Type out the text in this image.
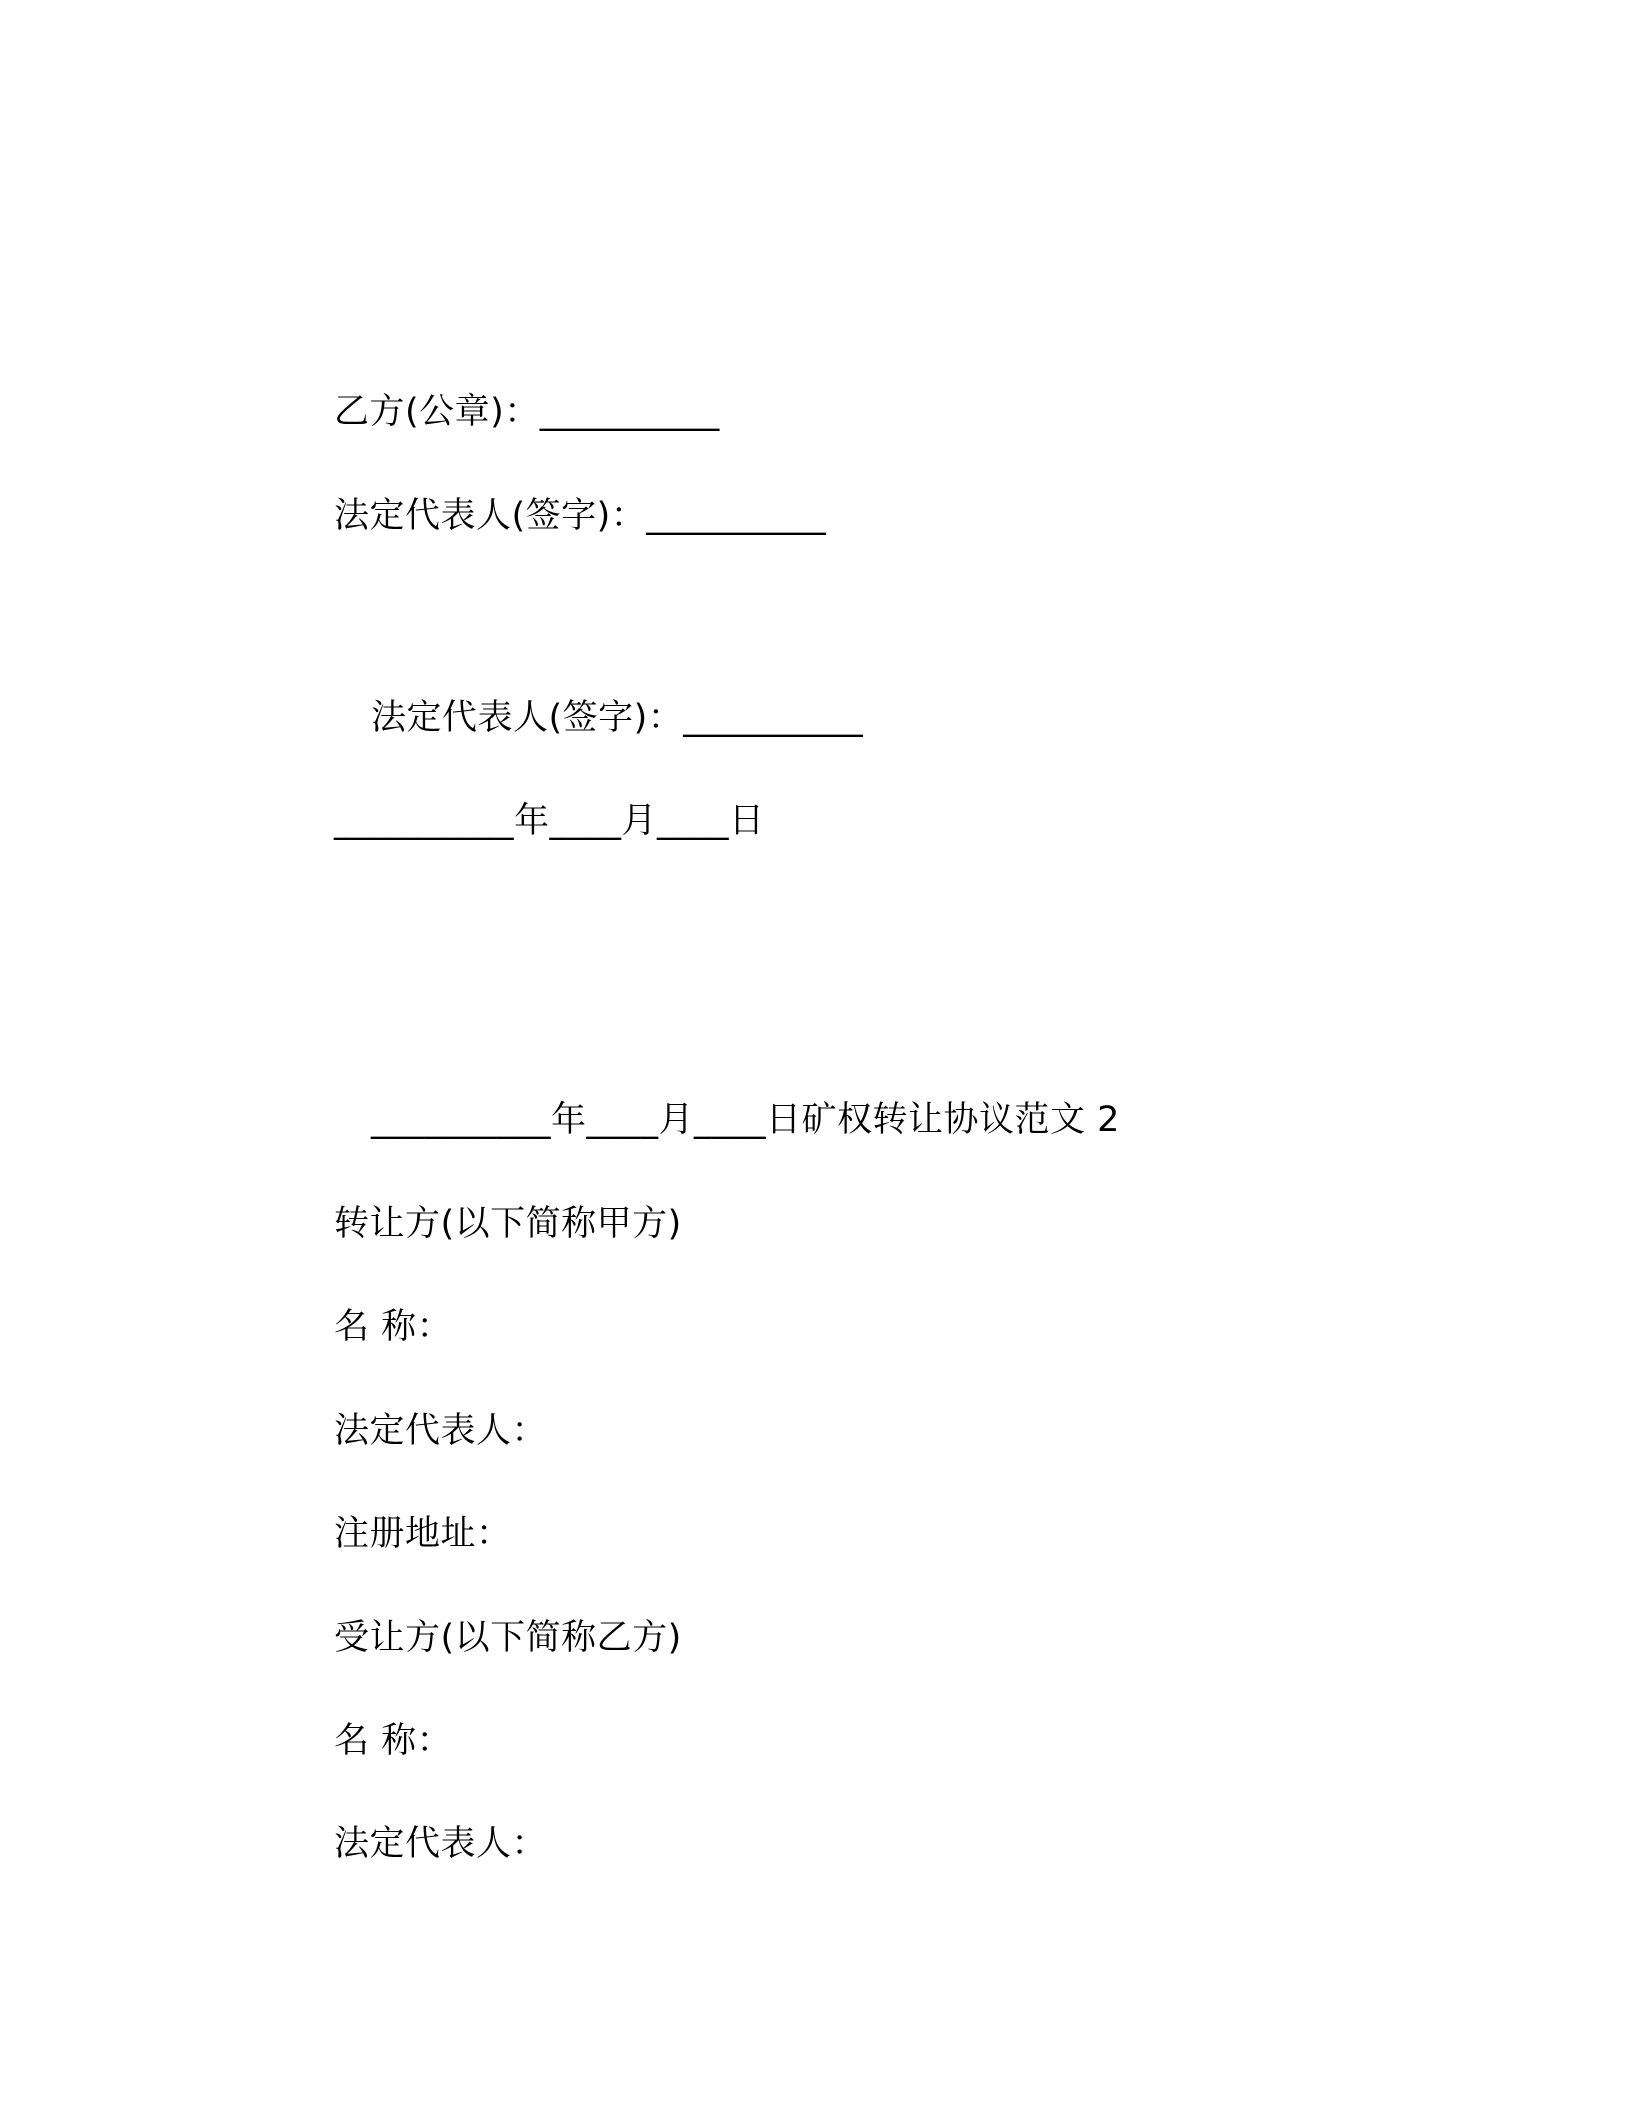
乙方(公章)：__________
法定代表人(签字)：__________
法定代表人(签字)：__________
__________年____月____日
__________年____月____日矿权转让协议范文 2
转让方(以下简称甲方)
名 称：
法定代表人：
注册地址：
受让方(以下简称乙方)
名 称：
法定代表人：
